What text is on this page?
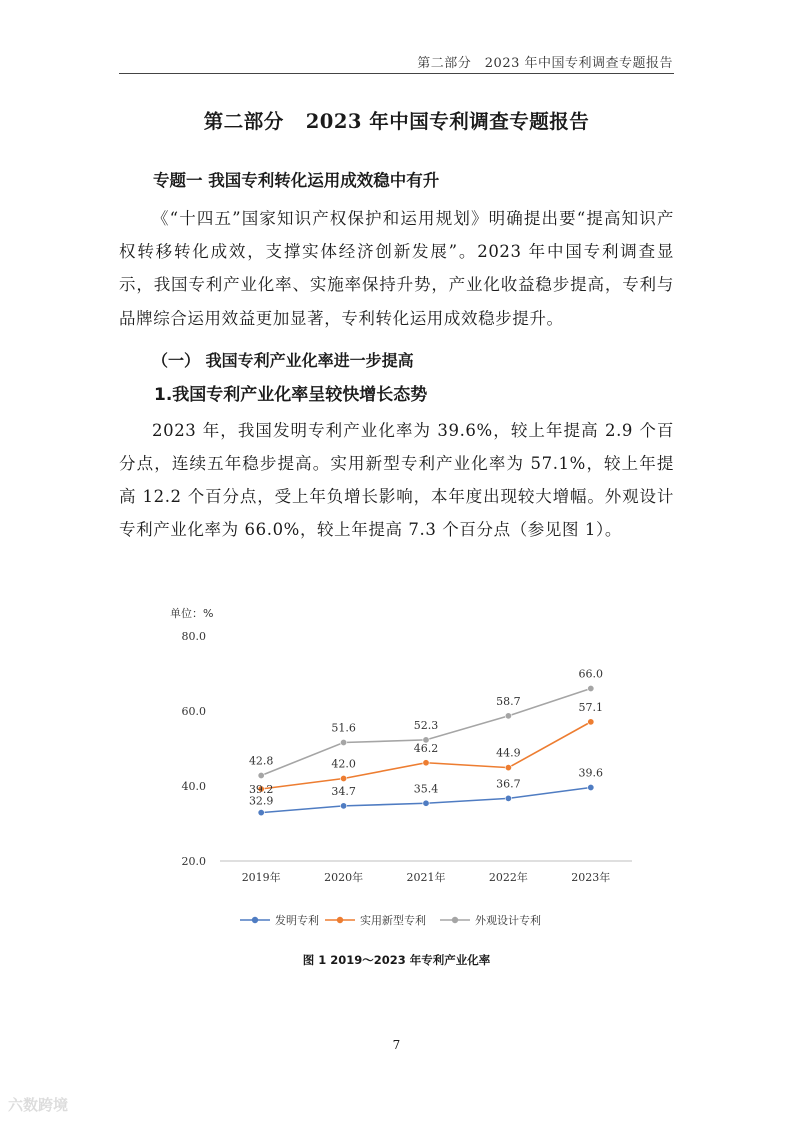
第二部分　2023 年中国专利调查专题报告
第二部分 2023 年中国专利调查专题报告

专题一 我国专利转化运用成效稳中有升

《“十四五”国家知识产权保护和运用规划》明确提出要“提高知识产权转移转化成效，支撑实体经济创新发展”。2023 年中国专利调查显示，我国专利产业化率、实施率保持升势，产业化收益稳步提高，专利与品牌综合运用效益更加显著，专利转化运用成效稳步提升。

（一） 我国专利产业化率进一步提高

1.我国专利产业化率呈较快增长态势

2023 年，我国发明专利产业化率为 39.6%，较上年提高 2.9 个百分点，连续五年稳步提高。实用新型专利产业化率为 57.1%，较上年提高 12.2 个百分点，受上年负增长影响，本年度出现较大增幅。外观设计专利产业化率为 66.0%，较上年提高 7.3 个百分点（参见图 1）。

单位：%
20.0
40.0
60.0
80.0
2019年	2020年	2021年	2022年	2023年
32.9
34.7	35.4	36.7
39.6
39.2
42.0
46.2	44.9
57.1
42.8
51.6	52.3
58.7
66.0
发明专利	实用新型专利	外观设计专利
图 1 2019～2023 年专利产业化率
7
六数跨境
